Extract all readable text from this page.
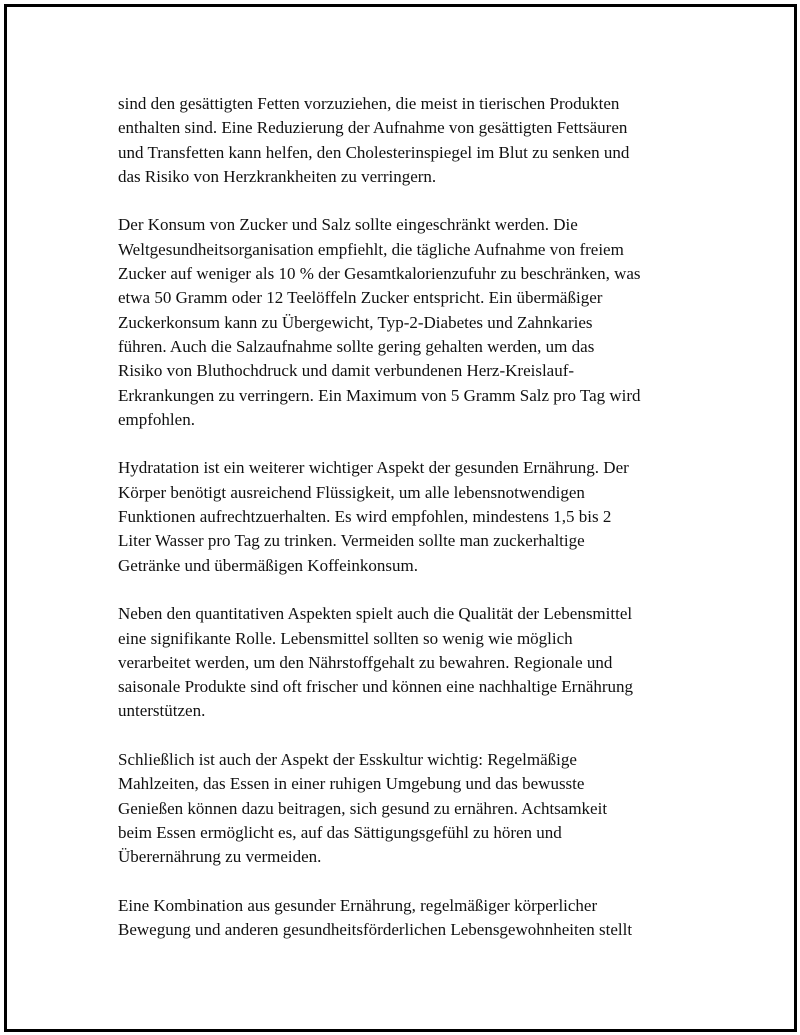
sind den gesättigten Fetten vorzuziehen, die meist in tierischen Produkten
enthalten sind. Eine Reduzierung der Aufnahme von gesättigten Fettsäuren
und Transfetten kann helfen, den Cholesterinspiegel im Blut zu senken und
das Risiko von Herzkrankheiten zu verringern.

Der Konsum von Zucker und Salz sollte eingeschränkt werden. Die
Weltgesundheitsorganisation empfiehlt, die tägliche Aufnahme von freiem
Zucker auf weniger als 10 % der Gesamtkalorienzufuhr zu beschränken, was
etwa 50 Gramm oder 12 Teelöffeln Zucker entspricht. Ein übermäßiger
Zuckerkonsum kann zu Übergewicht, Typ-2-Diabetes und Zahnkaries
führen. Auch die Salzaufnahme sollte gering gehalten werden, um das
Risiko von Bluthochdruck und damit verbundenen Herz-Kreislauf-
Erkrankungen zu verringern. Ein Maximum von 5 Gramm Salz pro Tag wird
empfohlen.

Hydratation ist ein weiterer wichtiger Aspekt der gesunden Ernährung. Der
Körper benötigt ausreichend Flüssigkeit, um alle lebensnotwendigen
Funktionen aufrechtzuerhalten. Es wird empfohlen, mindestens 1,5 bis 2
Liter Wasser pro Tag zu trinken. Vermeiden sollte man zuckerhaltige
Getränke und übermäßigen Koffeinkonsum.

Neben den quantitativen Aspekten spielt auch die Qualität der Lebensmittel
eine signifikante Rolle. Lebensmittel sollten so wenig wie möglich
verarbeitet werden, um den Nährstoffgehalt zu bewahren. Regionale und
saisonale Produkte sind oft frischer und können eine nachhaltige Ernährung
unterstützen.

Schließlich ist auch der Aspekt der Esskultur wichtig: Regelmäßige
Mahlzeiten, das Essen in einer ruhigen Umgebung und das bewusste
Genießen können dazu beitragen, sich gesund zu ernähren. Achtsamkeit
beim Essen ermöglicht es, auf das Sättigungsgefühl zu hören und
Überernährung zu vermeiden.

Eine Kombination aus gesunder Ernährung, regelmäßiger körperlicher
Bewegung und anderen gesundheitsförderlichen Lebensgewohnheiten stellt
